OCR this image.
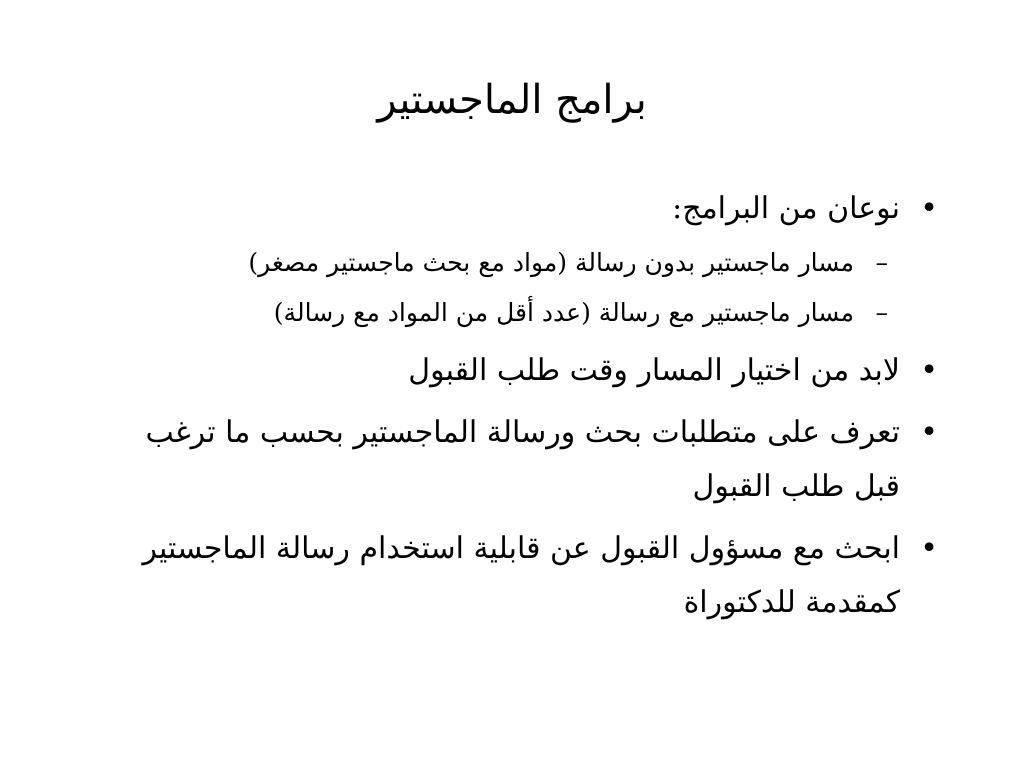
برامج الماجستير
•
نوعان من البرامج:
–
مسار ماجستير بدون رسالة (مواد مع بحث ماجستير مصغر)
–
مسار ماجستير مع رسالة (عدد أقل من المواد مع رسالة)
•
لابد من اختيار المسار وقت طلب القبول
•
تعرف على متطلبات بحث ورسالة الماجستير بحسب ما ترغب قبل طلب القبول
•
ابحث مع مسؤول القبول عن قابلية استخدام رسالة الماجستير كمقدمة للدكتوراة
